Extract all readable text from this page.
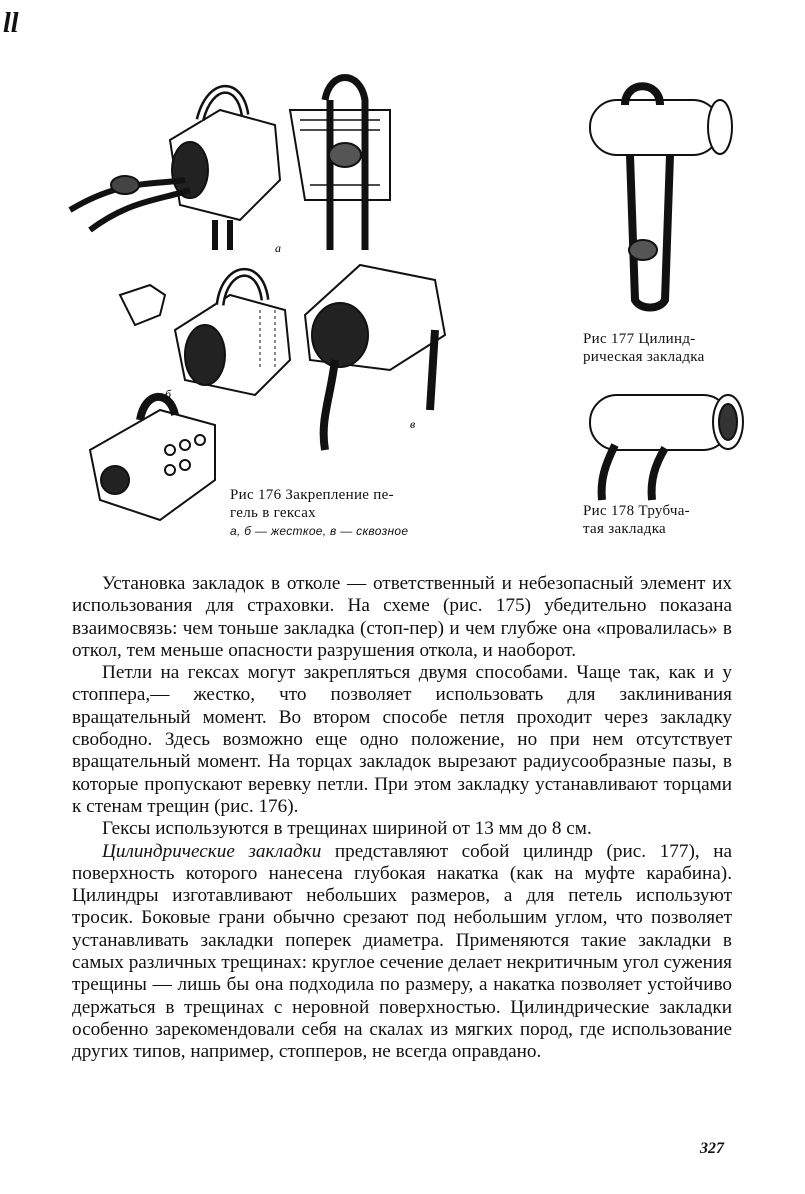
ll
а
б
в
Рис 176 Закрепление пе-
гель в гексах
а, б — жесткое, в — сквозное
Рис 177 Цилинд-
рическая закладка
Рис 178 Трубча-
тая закладка

Установка закладок в отколе — ответственный и небезопасный элемент их использования для страховки. На схеме (рис. 175) убедительно показана взаимосвязь: чем тоньше закладка (стоп-пер) и чем глубже она «провалилась» в откол, тем меньше опасности разрушения откола, и наоборот.

Петли на гексах могут закрепляться двумя способами. Чаще так, как и у стоппера,— жестко, что позволяет использовать для заклинивания вращательный момент. Во втором способе петля проходит через закладку свободно. Здесь возможно еще одно положение, но при нем отсутствует вращательный момент. На торцах закладок вырезают радиусообразные пазы, в которые пропускают веревку петли. При этом закладку устанавливают торцами к стенам трещин (рис. 176).

Гексы используются в трещинах шириной от 13 мм до 8 см.

Цилиндрические закладки представляют собой цилиндр (рис. 177), на поверхность которого нанесена глубокая накатка (как на муфте карабина). Цилиндры изготавливают небольших размеров, а для петель используют тросик. Боковые грани обычно срезают под небольшим углом, что позволяет устанавливать закладки поперек диаметра. Применяются такие закладки в самых различных трещинах: круглое сечение делает некритичным угол сужения трещины — лишь бы она подходила по размеру, а накатка позволяет устойчиво держаться в трещинах с неровной поверхностью. Цилиндрические закладки особенно зарекомендовали себя на скалах из мягких пород, где использование других типов, например, стопперов, не всегда оправдано.

327
